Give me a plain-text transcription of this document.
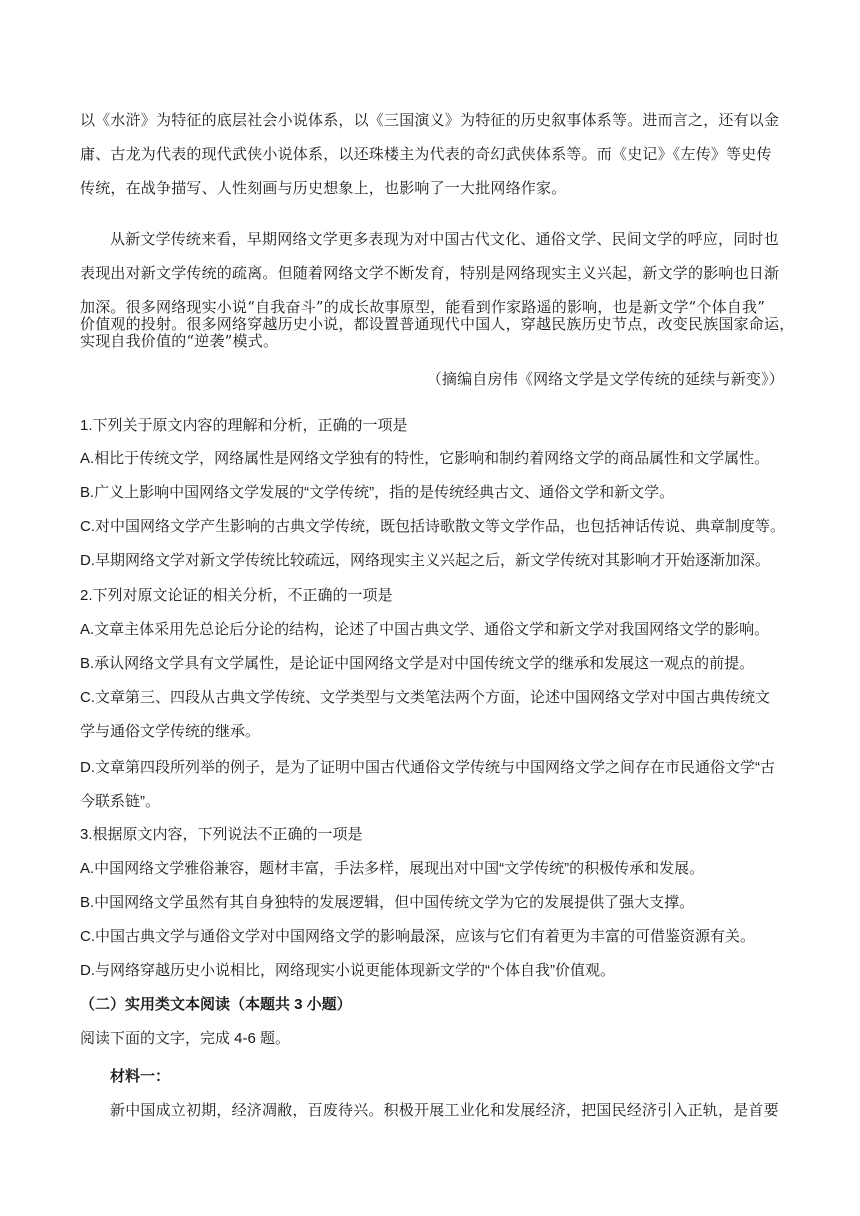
以《水浒》为特征的底层社会小说体系，以《三国演义》为特征的历史叙事体系等。进而言之，还有以金
庸、古龙为代表的现代武侠小说体系，以还珠楼主为代表的奇幻武侠体系等。而《史记》《左传》等史传
传统，在战争描写、人性刻画与历史想象上，也影响了一大批网络作家。
从新文学传统来看，早期网络文学更多表现为对中国古代文化、通俗文学、民间文学的呼应，同时也
表现出对新文学传统的疏离。但随着网络文学不断发育，特别是网络现实主义兴起，新文学的影响也日渐
加深。很多网络现实小说“自我奋斗”的成长故事原型，能看到作家路遥的影响，也是新文学“个体自我”
价值观的投射。很多网络穿越历史小说，都设置普通现代中国人，穿越民族历史节点，改变民族国家命运，
实现自我价值的“逆袭”模式。
（摘编自房伟《网络文学是文学传统的延续与新变》）
1.下列关于原文内容的理解和分析，正确的一项是
A.相比于传统文学，网络属性是网络文学独有的特性，它影响和制约着网络文学的商品属性和文学属性。
B.广义上影响中国网络文学发展的“文学传统”，指的是传统经典古文、通俗文学和新文学。
C.对中国网络文学产生影响的古典文学传统，既包括诗歌散文等文学作品，也包括神话传说、典章制度等。
D.早期网络文学对新文学传统比较疏远，网络现实主义兴起之后，新文学传统对其影响才开始逐渐加深。
2.下列对原文论证的相关分析，不正确的一项是
A.文章主体采用先总论后分论的结构，论述了中国古典文学、通俗文学和新文学对我国网络文学的影响。
B.承认网络文学具有文学属性，是论证中国网络文学是对中国传统文学的继承和发展这一观点的前提。
C.文章第三、四段从古典文学传统、文学类型与文类笔法两个方面，论述中国网络文学对中国古典传统文
学与通俗文学传统的继承。
D.文章第四段所列举的例子，是为了证明中国古代通俗文学传统与中国网络文学之间存在市民通俗文学“古
今联系链”。
3.根据原文内容，下列说法不正确的一项是
A.中国网络文学雅俗兼容，题材丰富，手法多样，展现出对中国“文学传统”的积极传承和发展。
B.中国网络文学虽然有其自身独特的发展逻辑，但中国传统文学为它的发展提供了强大支撑。
C.中国古典文学与通俗文学对中国网络文学的影响最深，应该与它们有着更为丰富的可借鉴资源有关。
D.与网络穿越历史小说相比，网络现实小说更能体现新文学的“个体自我”价值观。
（二）实用类文本阅读（本题共 3 小题）
阅读下面的文字，完成 4-6 题。
材料一：
新中国成立初期，经济凋敝，百废待兴。积极开展工业化和发展经济，把国民经济引入正轨，是首要
